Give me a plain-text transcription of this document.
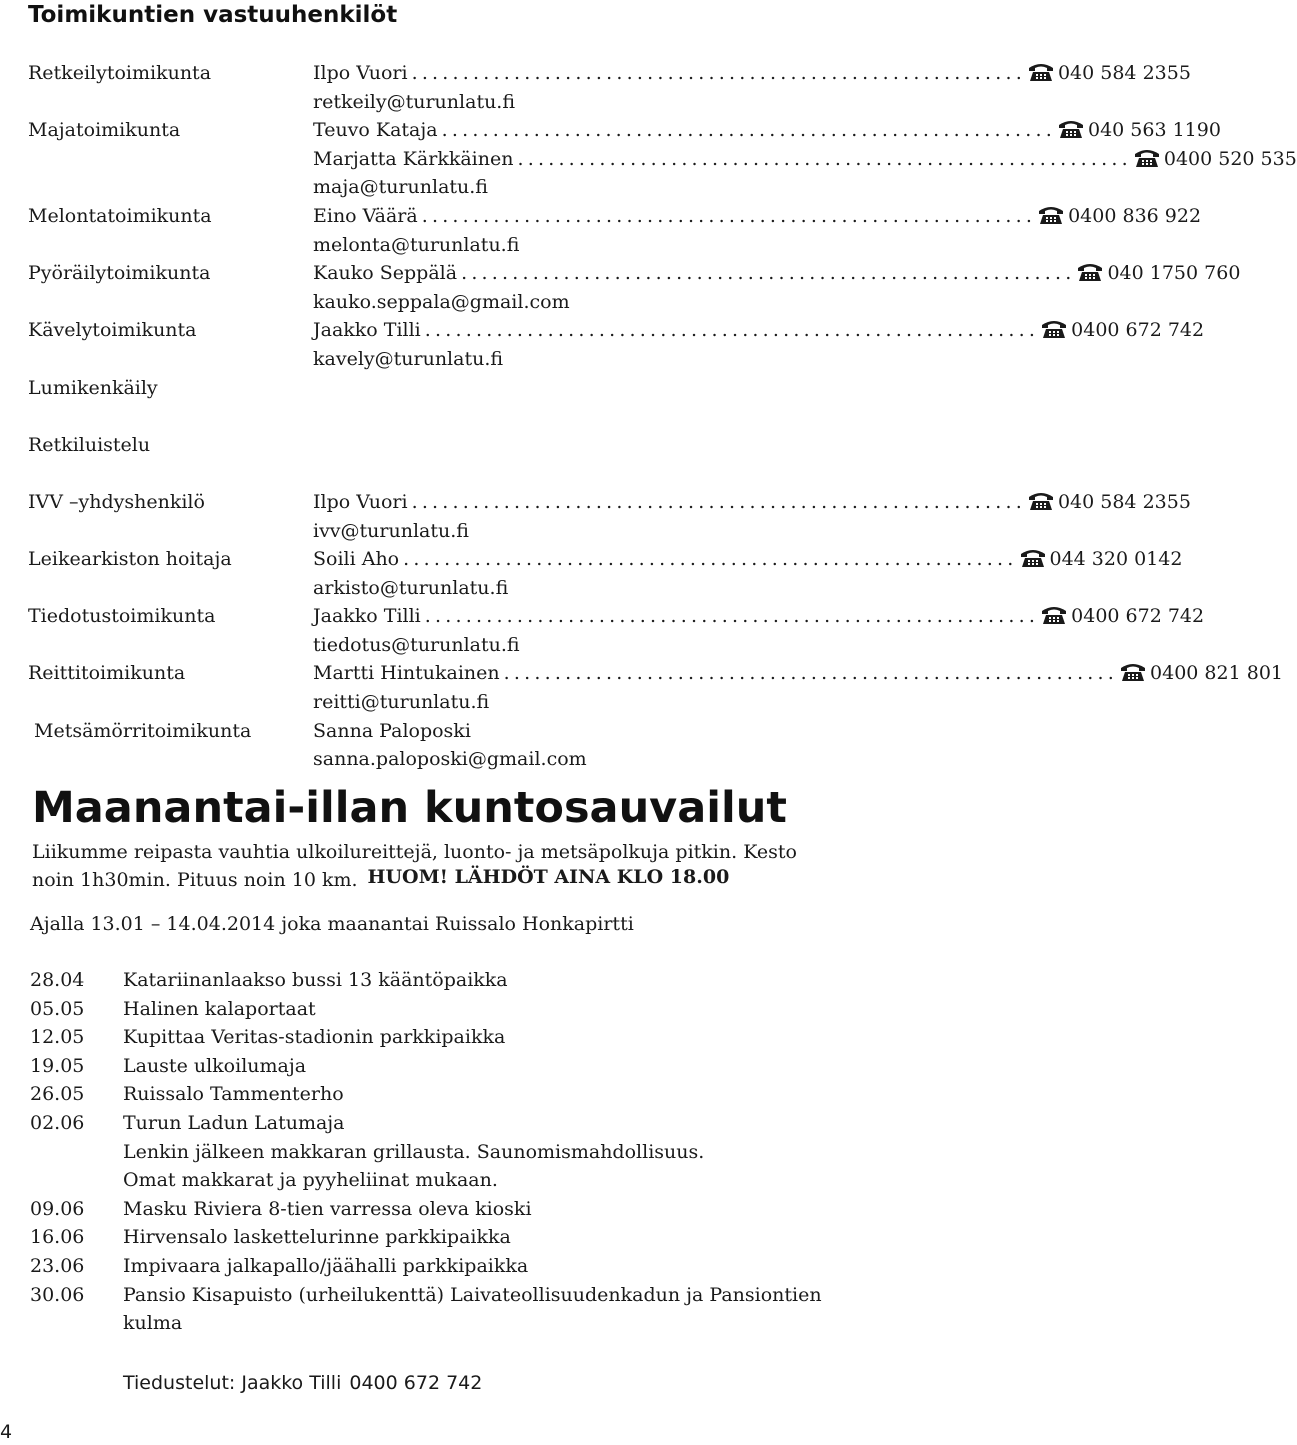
Toimikuntien vastuuhenkilöt
Retkeilytoimikunta	Ilpo Vuori ............................................................	040 584 2355
retkeily@turunlatu.fi
Majatoimikunta	Teuvo Kataja ............................................................	040 563 1190
Marjatta Kärkkäinen ............................................................	0400 520 535
maja@turunlatu.fi
Melontatoimikunta	Eino Väärä ............................................................	0400 836 922
melonta@turunlatu.fi
Pyöräilytoimikunta	Kauko Seppälä ............................................................	040 1750 760
kauko.seppala@gmail.com
Kävelytoimikunta	Jaakko Tilli ............................................................	0400 672 742
kavely@turunlatu.fi
Lumikenkäily
Retkiluistelu
IVV –yhdyshenkilö	Ilpo Vuori ............................................................	040 584 2355
ivv@turunlatu.fi
Leikearkiston hoitaja	Soili Aho ............................................................	044 320 0142
arkisto@turunlatu.fi
Tiedotustoimikunta	Jaakko Tilli ............................................................	0400 672 742
tiedotus@turunlatu.fi
Reittitoimikunta	Martti Hintukainen ............................................................	0400 821 801
reitti@turunlatu.fi
Metsämörritoimikunta	Sanna Paloposki
sanna.paloposki@gmail.com
Maanantai-illan kuntosauvailut
Liikumme reipasta vauhtia ulkoilureittejä, luonto- ja metsäpolkuja pitkin. Kesto
noin 1h30min. Pituus noin 10 km. HUOM! LÄHDÖT AINA KLO 18.00
Ajalla 13.01 – 14.04.2014 joka maanantai Ruissalo Honkapirtti
28.04 Katariinanlaakso bussi 13 kääntöpaikka
05.05 Halinen kalaportaat
12.05 Kupittaa Veritas-stadionin parkkipaikka
19.05 Lauste ulkoilumaja
26.05 Ruissalo Tammenterho
02.06 Turun Ladun Latumaja
Lenkin jälkeen makkaran grillausta. Saunomismahdollisuus.
Omat makkarat ja pyyheliinat mukaan.
09.06 Masku Riviera 8-tien varressa oleva kioski
16.06 Hirvensalo laskettelurinne parkkipaikka
23.06 Impivaara jalkapallo/jäähalli parkkipaikka
30.06 Pansio Kisapuisto (urheilukenttä) Laivateollisuudenkadun ja Pansiontien
kulma
Tiedustelut: Jaakko Tilli 0400 672 742
4
